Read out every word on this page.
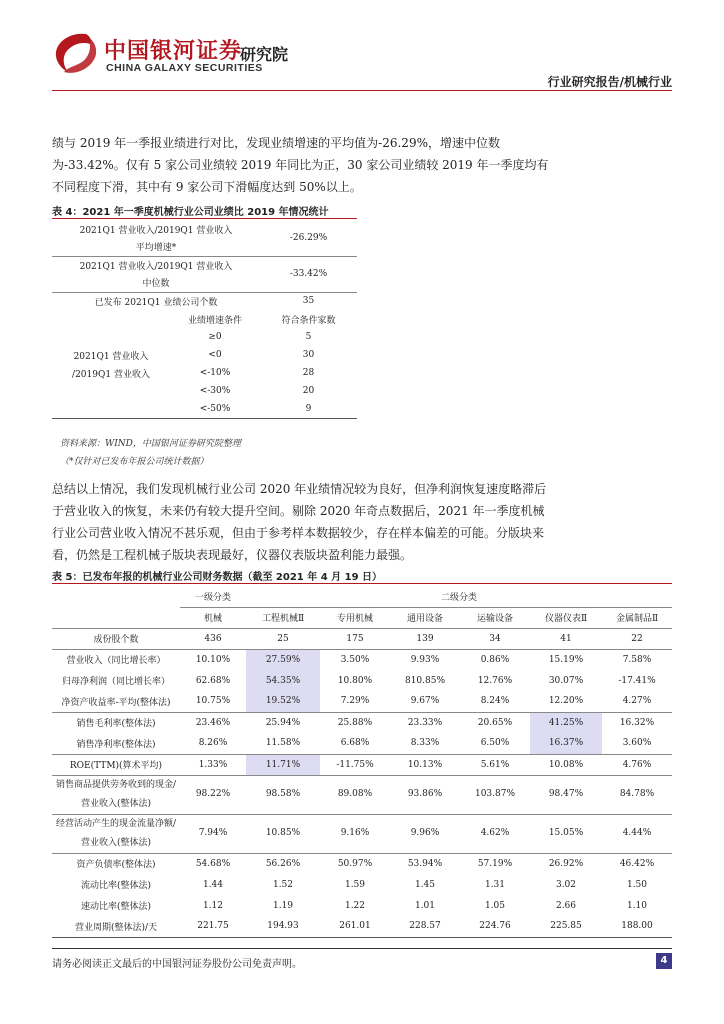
中国银河证券
CHINA GALAXY SECURITIES
研究院
行业研究报告/机械行业

绩与 2019 年一季报业绩进行对比，发现业绩增速的平均值为-26.29%，增速中位数为-33.42%。仅有 5 家公司业绩较 2019 年同比为正，30 家公司业绩较 2019 年一季度均有不同程度下滑，其中有 9 家公司下滑幅度达到 50%以上。

表 4：2021 年一季度机械行业公司业绩比 2019 年情况统计
2021Q1 营业收入/2019Q1 营业收入		-26.29%
平均增速*		
2021Q1 营业收入/2019Q1 营业收入		-33.42%
中位数		
已发布 2021Q1 业绩公司个数		35
	业绩增速条件	符合条件家数
	≥0	5
2021Q1 营业收入	<0	30
/2019Q1 营业收入	<-10%	28
	<-30%	20
	<-50%	9
资料来源：WIND，中国银河证券研究院整理
（*仅针对已发布年报公司统计数据）

总结以上情况，我们发现机械行业公司 2020 年业绩情况较为良好，但净利润恢复速度略滞后于营业收入的恢复，未来仍有较大提升空间。剔除 2020 年奇点数据后，2021 年一季度机械行业公司营业收入情况不甚乐观，但由于参考样本数据较少，存在样本偏差的可能。分版块来看，仍然是工程机械子版块表现最好，仪器仪表版块盈利能力最强。

表 5：已发布年报的机械行业公司财务数据（截至 2021 年 4 月 19 日）
	一级分类	二级分类					
	机械	工程机械Ⅱ	专用机械	通用设备	运输设备	仪器仪表Ⅱ	金属制品Ⅱ
成份股个数	436	25	175	139	34	41	22
营业收入（同比增长率）	10.10%	27.59%	3.50%	9.93%	0.86%	15.19%	7.58%
归母净利润（同比增长率）	62.68%	54.35%	10.80%	810.85%	12.76%	30.07%	-17.41%
净资产收益率-平均(整体法)	10.75%	19.52%	7.29%	9.67%	8.24%	12.20%	4.27%
销售毛利率(整体法)	23.46%	25.94%	25.88%	23.33%	20.65%	41.25%	16.32%
销售净利率(整体法)	8.26%	11.58%	6.68%	8.33%	6.50%	16.37%	3.60%
ROE(TTM)(算术平均)	1.33%	11.71%	-11.75%	10.13%	5.61%	10.08%	4.76%
销售商品提供劳务收到的现金/
营业收入(整体法)	98.22%	98.58%	89.08%	93.86%	103.87%	98.47%	84.78%
经营活动产生的现金流量净额/
营业收入(整体法)	7.94%	10.85%	9.16%	9.96%	4.62%	15.05%	4.44%
资产负债率(整体法)	54.68%	56.26%	50.97%	53.94%	57.19%	26.92%	46.42%
流动比率(整体法)	1.44	1.52	1.59	1.45	1.31	3.02	1.50
速动比率(整体法)	1.12	1.19	1.22	1.01	1.05	2.66	1.10
营业周期(整体法)/天	221.75	194.93	261.01	228.57	224.76	225.85	188.00
请务必阅读正文最后的中国银河证券股份公司免责声明。	4
